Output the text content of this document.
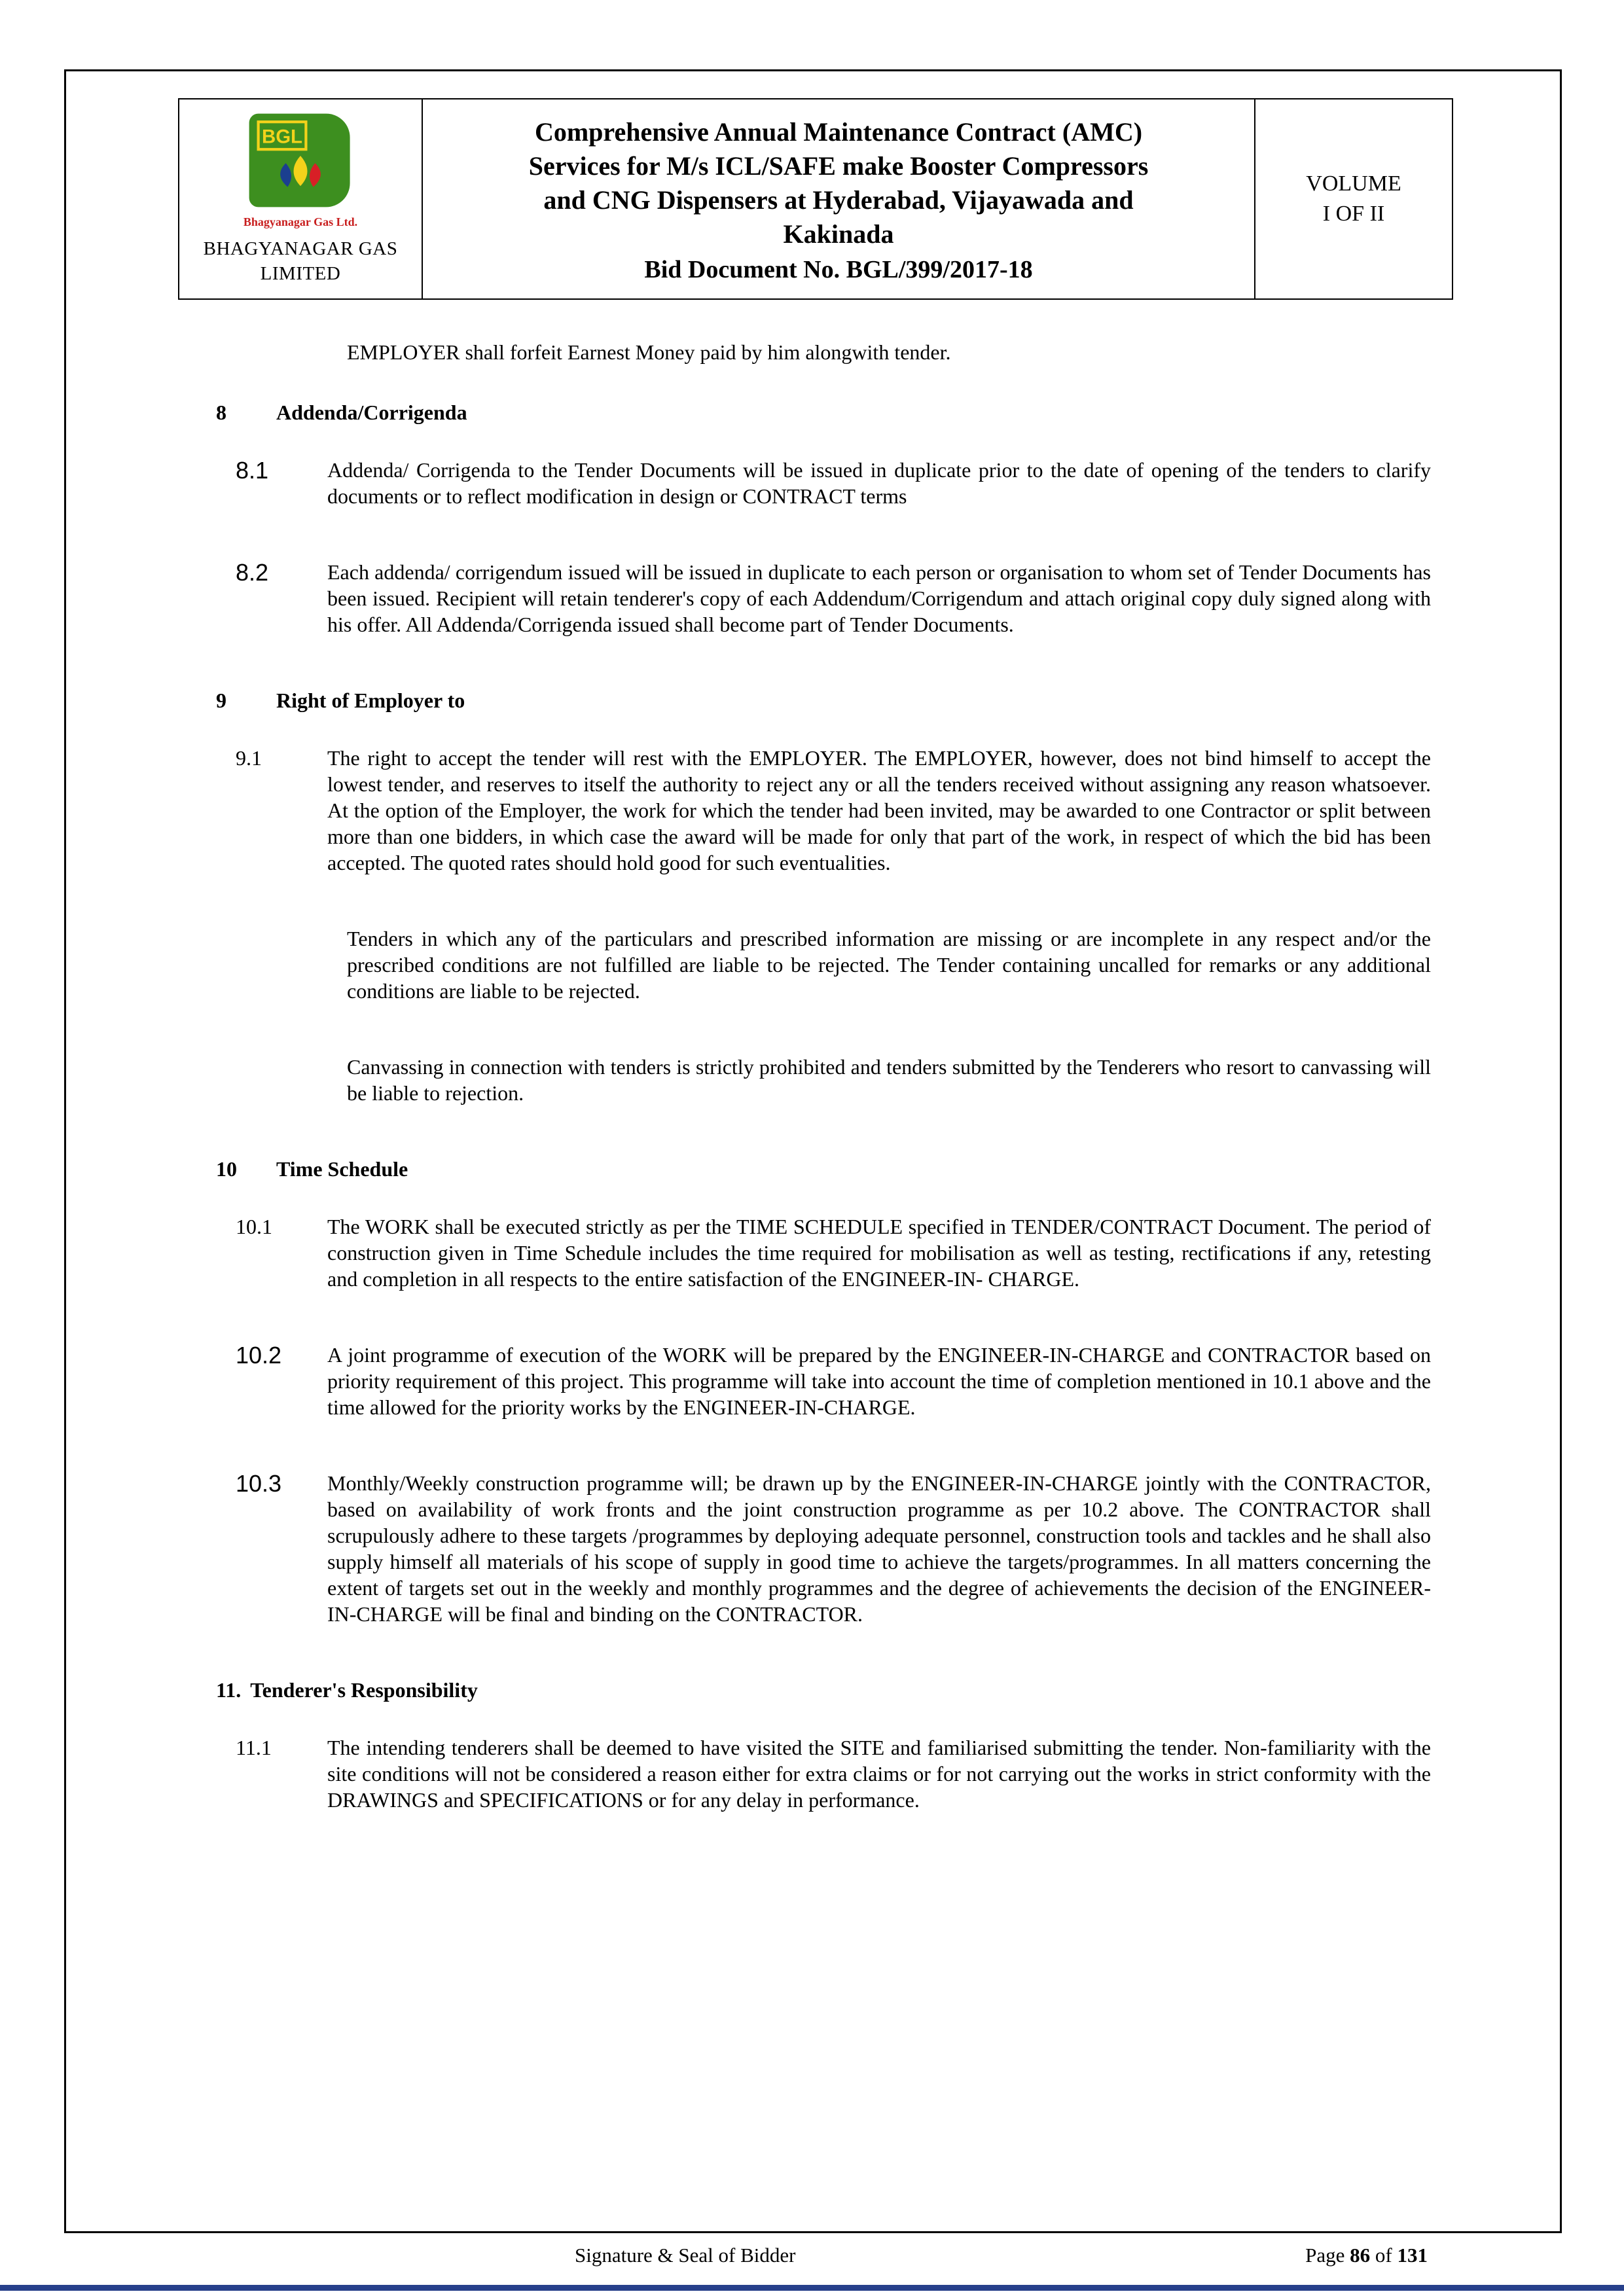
BGL
Bhagyanagar Gas Ltd.
BHAGYANAGAR GAS LIMITED
Comprehensive Annual Maintenance Contract (AMC)
Services for M/s ICL/SAFE make Booster Compressors
and CNG Dispensers at Hyderabad, Vijayawada and
Kakinada
Bid Document No. BGL/399/2017-18
VOLUME
I OF II

EMPLOYER shall forfeit Earnest Money paid by him alongwith tender.

8	Addenda/Corrigenda
8.1	Addenda/ Corrigenda to the Tender Documents will be issued in duplicate prior to the date of opening of the tenders to clarify documents or to reflect modification in design or CONTRACT terms

8.2	Each addenda/ corrigendum issued will be issued in duplicate to each person or organisation to whom set of Tender Documents has been issued. Recipient will retain tenderer's copy of each Addendum/Corrigendum and attach original copy duly signed along with his offer. All Addenda/Corrigenda issued shall become part of Tender Documents.

9	Right of Employer to
9.1	The right to accept the tender will rest with the EMPLOYER. The EMPLOYER, however, does not bind himself to accept the lowest tender, and reserves to itself the authority to reject any or all the tenders received without assigning any reason whatsoever. At the option of the Employer, the work for which the tender had been invited, may be awarded to one Contractor or split between more than one bidders, in which case the award will be made for only that part of the work, in respect of which the bid has been accepted. The quoted rates should hold good for such eventualities.

Tenders in which any of the particulars and prescribed information are missing or are incomplete in any respect and/or the prescribed conditions are not fulfilled are liable to be rejected. The Tender containing uncalled for remarks or any additional conditions are liable to be rejected.

Canvassing in connection with tenders is strictly prohibited and tenders submitted by the Tenderers who resort to canvassing will be liable to rejection.

10	Time Schedule
10.1	The WORK shall be executed strictly as per the TIME SCHEDULE specified in TENDER/CONTRACT Document. The period of construction given in Time Schedule includes the time required for mobilisation as well as testing, rectifications if any, retesting and completion in all respects to the entire satisfaction of the ENGINEER-IN- CHARGE.

10.2	A joint programme of execution of the WORK will be prepared by the ENGINEER-IN-CHARGE and CONTRACTOR based on priority requirement of this project. This programme will take into account the time of completion mentioned in 10.1 above and the time allowed for the priority works by the ENGINEER-IN-CHARGE.

10.3	Monthly/Weekly construction programme will; be drawn up by the ENGINEER-IN-CHARGE jointly with the CONTRACTOR, based on availability of work fronts and the joint construction programme as per 10.2 above. The CONTRACTOR shall scrupulously adhere to these targets /programmes by deploying adequate personnel, construction tools and tackles and he shall also supply himself all materials of his scope of supply in good time to achieve the targets/programmes. In all matters concerning the extent of targets set out in the weekly and monthly programmes and the degree of achievements the decision of the ENGINEER-IN-CHARGE will be final and binding on the CONTRACTOR.

11. Tenderer's Responsibility
11.1	The intending tenderers shall be deemed to have visited the SITE and familiarised submitting the tender. Non-familiarity with the site conditions will not be considered a reason either for extra claims or for not carrying out the works in strict conformity with the DRAWINGS and SPECIFICATIONS or for any delay in performance.

Signature & Seal of Bidder	Page 86 of 131
